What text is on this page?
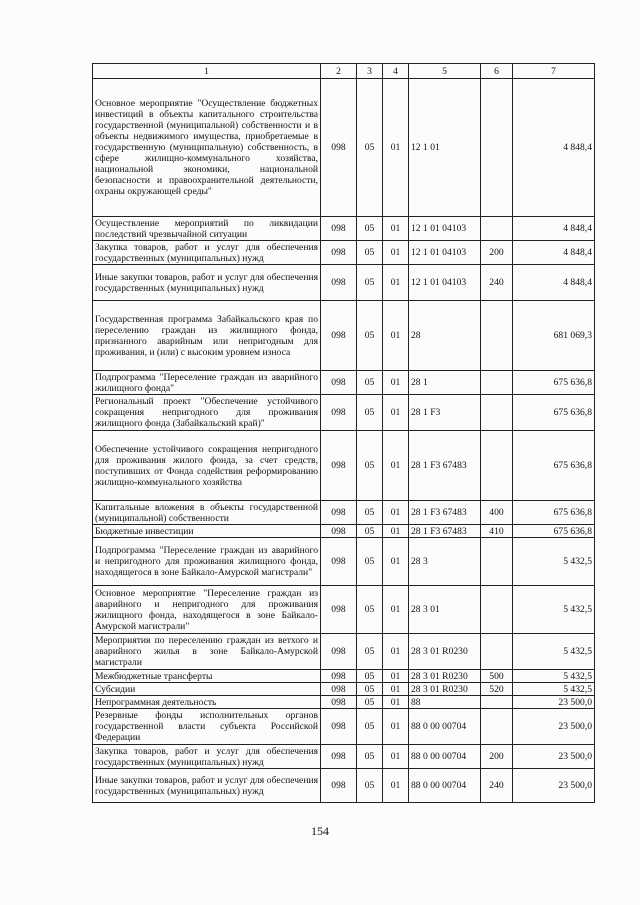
1	2	3	4	5	6	7
Основное мероприятие "Осуществление бюджетных инвестиций в объекты капитального строительства государственной (муниципальной) собственности и в объекты недвижимого имущества, приобретаемые в государственную (муниципальную) собственность, в сфере жилищно-коммунального хозяйства, национальной экономики, национальной безопасности и правоохранительной деятельности, охраны окружающей среды"	098	05	01	12 1 01		4 848,4
Осуществление мероприятий по ликвидации последствий чрезвычайной ситуации	098	05	01	12 1 01 04103		4 848,4
Закупка товаров, работ и услуг для обеспечения государственных (муниципальных) нужд	098	05	01	12 1 01 04103	200	4 848,4
Иные закупки товаров, работ и услуг для обеспечения государственных (муниципальных) нужд	098	05	01	12 1 01 04103	240	4 848,4
Государственная программа Забайкальского края по переселению граждан из жилищного фонда, признанного аварийным или непригодным для проживания, и (или) с высоким уровнем износа	098	05	01	28		681 069,3
Подпрограмма "Переселение граждан из аварийного жилищного фонда"	098	05	01	28 1		675 636,8
Региональный проект "Обеспечение устойчивого сокращения непригодного для проживания жилищного фонда (Забайкальский край)"	098	05	01	28 1 F3		675 636,8
Обеспечение устойчивого сокращения непригодного для проживания жилого фонда, за счет средств, поступивших от Фонда содействия реформированию жилищно-коммунального хозяйства	098	05	01	28 1 F3 67483		675 636,8
Капитальные вложения в объекты государственной (муниципальной) собственности	098	05	01	28 1 F3 67483	400	675 636,8
Бюджетные инвестиции	098	05	01	28 1 F3 67483	410	675 636,8
Подпрограмма "Переселение граждан из аварийного и непригодного для проживания жилищного фонда, находящегося в зоне Байкало-Амурской магистрали"	098	05	01	28 3		5 432,5
Основное мероприятие "Переселение граждан из аварийного и непригодного для проживания жилищного фонда, находящегося в зоне Байкало-Амурской магистрали"	098	05	01	28 3 01		5 432,5
Мероприятия по переселению граждан из ветхого и аварийного жилья в зоне Байкало-Амурской магистрали	098	05	01	28 3 01 R0230		5 432,5
Межбюджетные трансферты	098	05	01	28 3 01 R0230	500	5 432,5
Субсидии	098	05	01	28 3 01 R0230	520	5 432,5
Непрограммная деятельность	098	05	01	88		23 500,0
Резервные фонды исполнительных органов государственной власти субъекта Российской Федерации	098	05	01	88 0 00 00704		23 500,0
Закупка товаров, работ и услуг для обеспечения государственных (муниципальных) нужд	098	05	01	88 0 00 00704	200	23 500,0
Иные закупки товаров, работ и услуг для обеспечения государственных (муниципальных) нужд	098	05	01	88 0 00 00704	240	23 500,0
154
